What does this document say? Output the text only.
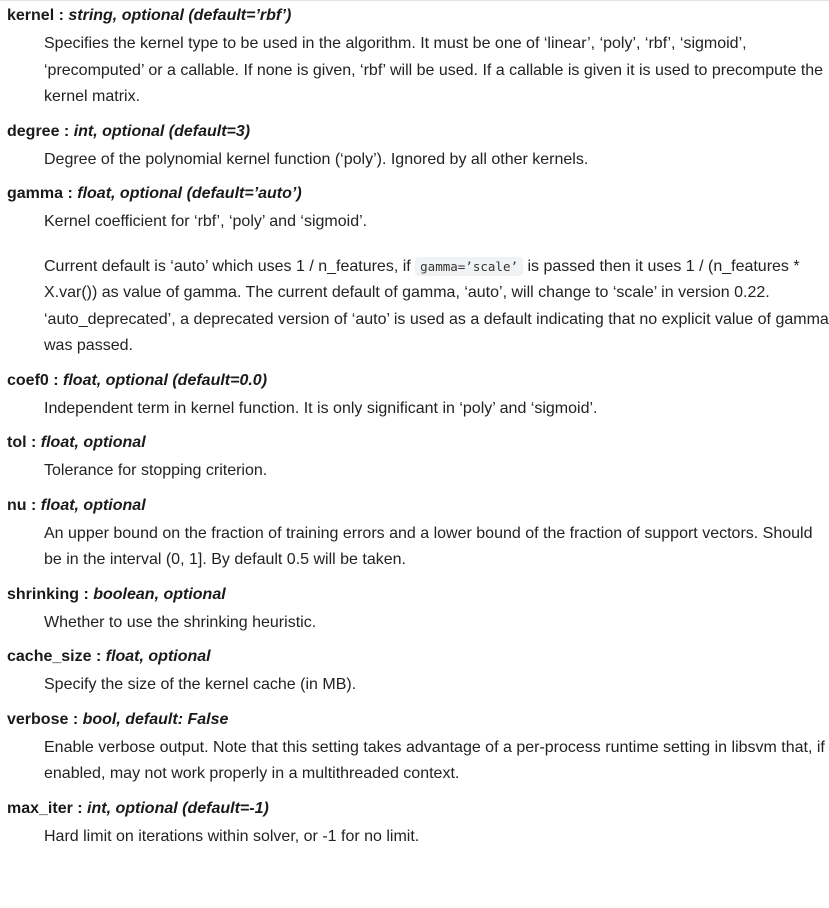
kernel : string, optional (default=’rbf’)

Specifies the kernel type to be used in the algorithm. It must be one of ‘linear’, ‘poly’, ‘rbf’, ‘sigmoid’, ‘precomputed’ or a callable. If none is given, ‘rbf’ will be used. If a callable is given it is used to precompute the kernel matrix.

degree : int, optional (default=3)

Degree of the polynomial kernel function (‘poly’). Ignored by all other kernels.

gamma : float, optional (default=’auto’)

Kernel coefficient for ‘rbf’, ‘poly’ and ‘sigmoid’.

Current default is ‘auto’ which uses 1 / n_features, if gamma=’scale’ is passed then it uses 1 / (n_features * X.var()) as value of gamma. The current default of gamma, ‘auto’, will change to ‘scale’ in version 0.22. ‘auto_deprecated’, a deprecated version of ‘auto’ is used as a default indicating that no explicit value of gamma was passed.

coef0 : float, optional (default=0.0)

Independent term in kernel function. It is only significant in ‘poly’ and ‘sigmoid’.

tol : float, optional

Tolerance for stopping criterion.

nu : float, optional

An upper bound on the fraction of training errors and a lower bound of the fraction of support vectors. Should be in the interval (0, 1]. By default 0.5 will be taken.

shrinking : boolean, optional

Whether to use the shrinking heuristic.

cache_size : float, optional

Specify the size of the kernel cache (in MB).

verbose : bool, default: False

Enable verbose output. Note that this setting takes advantage of a per-process runtime setting in libsvm that, if enabled, may not work properly in a multithreaded context.

max_iter : int, optional (default=-1)

Hard limit on iterations within solver, or -1 for no limit.
